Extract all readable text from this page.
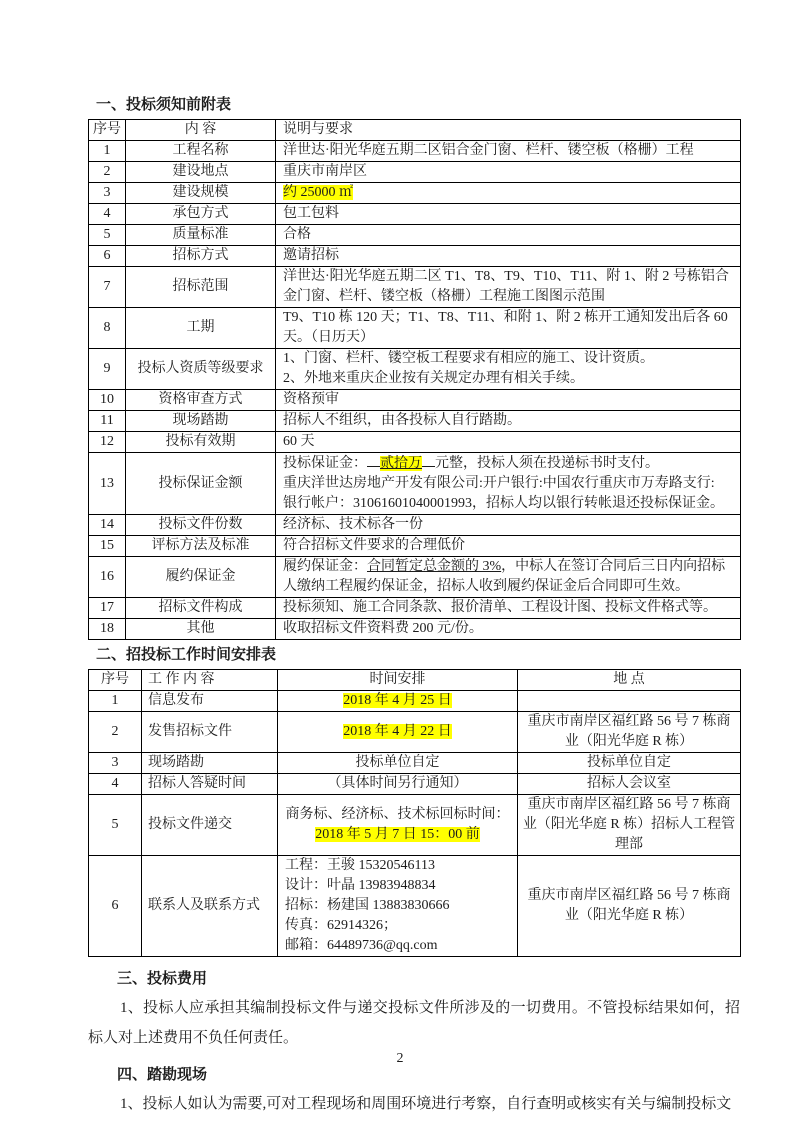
一、投标须知前附表
序号	内 容	说明与要求
1	工程名称	洋世达·阳光华庭五期二区铝合金门窗、栏杆、镂空板（格栅）工程
2	建设地点	重庆市南岸区
3	建设规模	约 25000 ㎡
4	承包方式	包工包料
5	质量标准	合格
6	招标方式	邀请招标
7	招标范围	洋世达·阳光华庭五期二区 T1、T8、T9、T10、T11、附 1、附 2 号栋铝合金门窗、栏杆、镂空板（格栅）工程施工图图示范围
8	工期	T9、T10 栋 120 天；T1、T8、T11、和附 1、附 2 栋开工通知发出后各 60 天。（日历天）
9	投标人资质等级要求	1、门窗、栏杆、镂空板工程要求有相应的施工、设计资质。
2、外地来重庆企业按有关规定办理有相关手续。

10	资格审查方式	资格预审
11	现场踏勘	招标人不组织，由各投标人自行踏勘。
12	投标有效期	60 天
13	投标保证金额	投标保证金： 贰拾万 元整，投标人须在投递标书时支付。
重庆洋世达房地产开发有限公司:开户银行:中国农行重庆市万寿路支行:
银行帐户：31061601040001993，招标人均以银行转帐退还投标保证金。

14	投标文件份数	经济标、技术标各一份
15	评标方法及标准	符合招标文件要求的合理低价
16	履约保证金	履约保证金：合同暂定总金额的 3%，中标人在签订合同后三日内向招标人缴纳工程履约保证金，招标人收到履约保证金后合同即可生效。
17	招标文件构成	投标须知、施工合同条款、报价清单、工程设计图、投标文件格式等。
18	其他	收取招标文件资料费 200 元/份。
二、招投标工作时间安排表
序号	工 作 内 容	时间安排	地 点
1	信息发布	2018 年 4 月 25 日	
2	发售招标文件	2018 年 4 月 22 日	重庆市南岸区福红路 56 号 7 栋商业（阳光华庭 R 栋）
3	现场踏勘	投标单位自定	投标单位自定
4	招标人答疑时间	（具体时间另行通知）	招标人会议室
5	投标文件递交	商务标、经济标、技术标回标时间：2018 年 5 月 7 日 15：00 前	重庆市南岸区福红路 56 号 7 栋商业（阳光华庭 R 栋）招标人工程管理部
6	联系人及联系方式	工程：王骏 15320546113
设计：叶晶 13983948834
招标：杨建国 13883830666
传真：62914326；
邮箱：64489736@qq.com	重庆市南岸区福红路 56 号 7 栋商业（阳光华庭 R 栋）
三、投标费用

1、投标人应承担其编制投标文件与递交投标文件所涉及的一切费用。不管投标结果如何，招标人对上述费用不负任何责任。

四、踏勘现场

1、投标人如认为需要,可对工程现场和周围环境进行考察，自行查明或核实有关与编制投标文

2
